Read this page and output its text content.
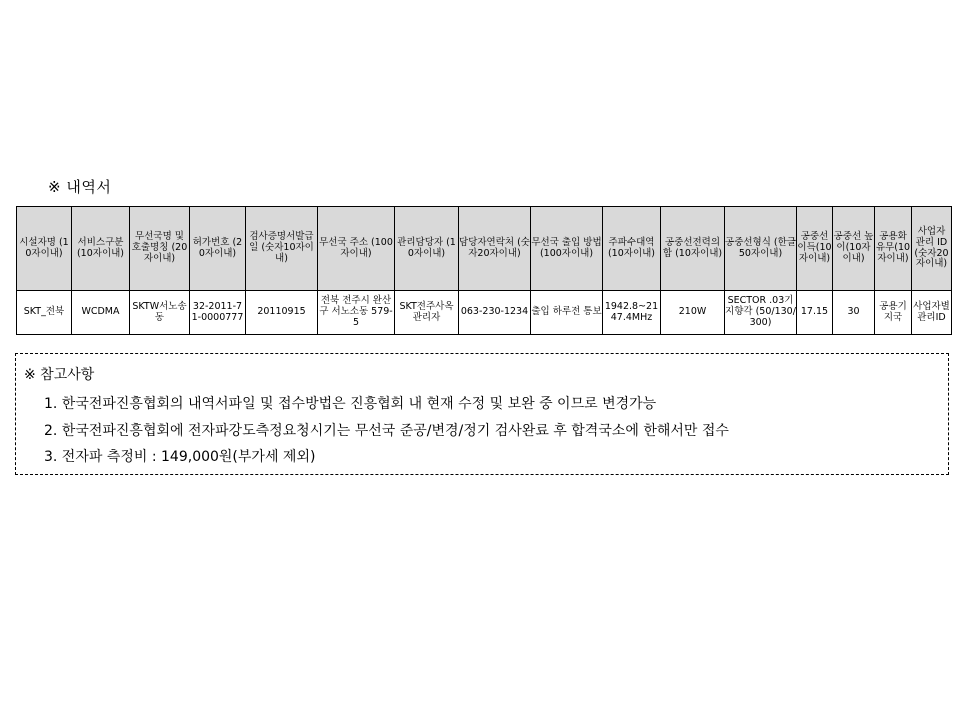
※ 내역서
시설자명 (10자이내)	서비스구분 (10자이내)	무선국명 및 호출명칭 (20자이내)	허가번호 (20자이내)	검사증명서발급일 (숫자10자이내)	무선국 주소 (100자이내)	관리담당자 (10자이내)	담당자연락처 (숫자20자이내)	무선국 출입 방법 (100자이내)	주파수대역 (10자이내)	공중선전력의 합 (10자이내)	공중선형식 (한글50자이내)	공중선 이득(10자이내)	공중선 높이(10자이내)	공용화 유무(10자이내)	사업자 관리 ID(숫자20자이내)
SKT_전북	WCDMA	SKTW서노송동	32-2011-71-0000777	20110915	전북 전주시 완산구 서노소동 579-5	SKT전주사옥 관리자	063-230-1234	출입 하루전 통보	1942.8~2147.4MHz	210W	SECTOR .03기 지향각 (50/130/300)	17.15	30	공용기지국	사업자별 관리ID
※ 참고사항
1. 한국전파진흥협회의 내역서파일 및 접수방법은 진흥협회 내 현재 수정 및 보완 중 이므로 변경가능
2. 한국전파진흥협회에 전자파강도측정요청시기는 무선국 준공/변경/정기 검사완료 후 합격국소에 한해서만 접수
3. 전자파 측정비 : 149,000원(부가세 제외)
